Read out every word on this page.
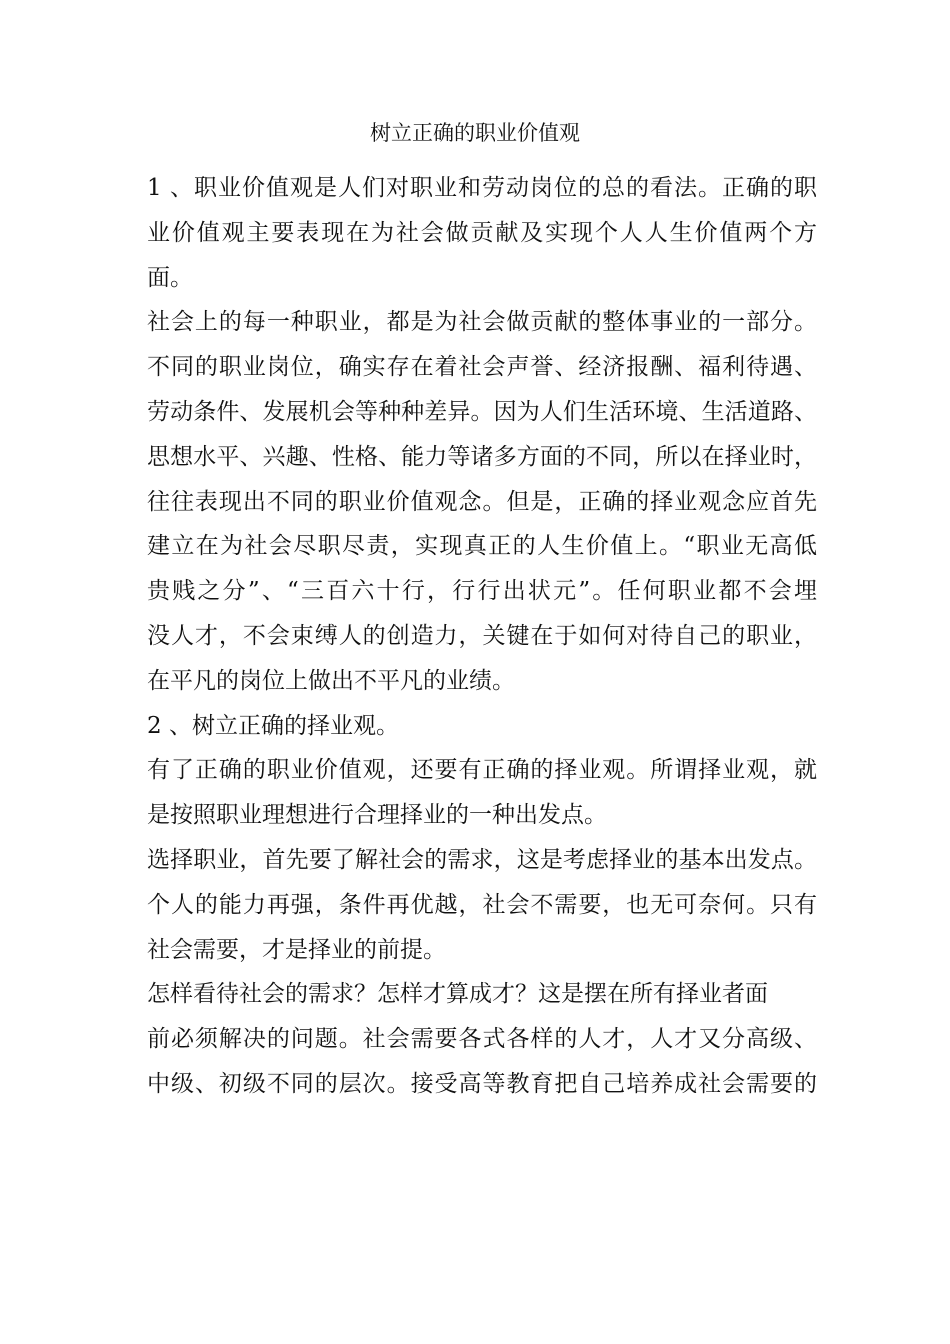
树立正确的职业价值观
1 、职业价值观是人们对职业和劳动岗位的总的看法。正确的职
业价值观主要表现在为社会做贡献及实现个人人生价值两个方
面。
社会上的每一种职业，都是为社会做贡献的整体事业的一部分。
不同的职业岗位，确实存在着社会声誉、经济报酬、福利待遇、
劳动条件、发展机会等种种差异。因为人们生活环境、生活道路、
思想水平、兴趣、性格、能力等诸多方面的不同，所以在择业时，
往往表现出不同的职业价值观念。但是，正确的择业观念应首先
建立在为社会尽职尽责，实现真正的人生价值上。“职业无高低
贵贱之分”、“三百六十行，行行出状元”。任何职业都不会埋
没人才，不会束缚人的创造力，关键在于如何对待自己的职业，
在平凡的岗位上做出不平凡的业绩。
2 、树立正确的择业观。
有了正确的职业价值观，还要有正确的择业观。所谓择业观，就
是按照职业理想进行合理择业的一种出发点。
选择职业，首先要了解社会的需求，这是考虑择业的基本出发点。
个人的能力再强，条件再优越，社会不需要，也无可奈何。只有
社会需要，才是择业的前提。
怎样看待社会的需求？怎样才算成才？这是摆在所有择业者面
前必须解决的问题。社会需要各式各样的人才，人才又分高级、
中级、初级不同的层次。接受高等教育把自己培养成社会需要的
